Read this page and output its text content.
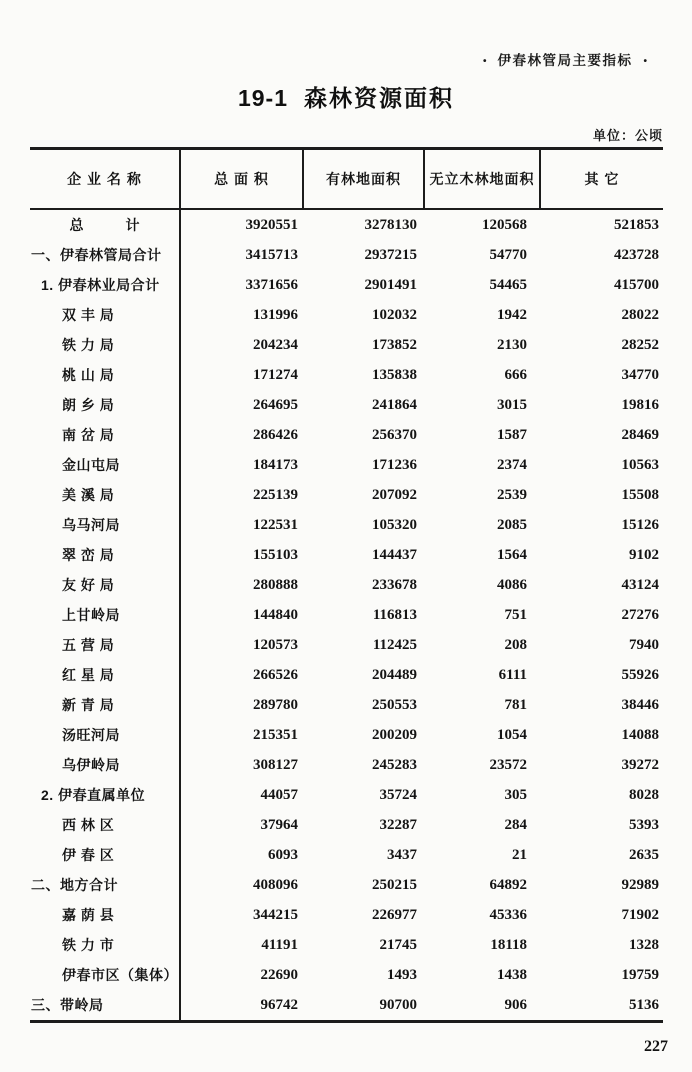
• 伊春林管局主要指标 •
19-1 森林资源面积
单位：公顷
企 业 名 称	总 面 积	有林地面积	无立木林地面积	其 它
总　　　计	3920551	3278130	120568	521853
一、伊春林管局合计	3415713	2937215	54770	423728
1. 伊春林业局合计	3371656	2901491	54465	415700
双 丰 局	131996	102032	1942	28022
铁 力 局	204234	173852	2130	28252
桃 山 局	171274	135838	666	34770
朗 乡 局	264695	241864	3015	19816
南 岔 局	286426	256370	1587	28469
金山屯局	184173	171236	2374	10563
美 溪 局	225139	207092	2539	15508
乌马河局	122531	105320	2085	15126
翠 峦 局	155103	144437	1564	9102
友 好 局	280888	233678	4086	43124
上甘岭局	144840	116813	751	27276
五 营 局	120573	112425	208	7940
红 星 局	266526	204489	6111	55926
新 青 局	289780	250553	781	38446
汤旺河局	215351	200209	1054	14088
乌伊岭局	308127	245283	23572	39272
2. 伊春直属单位	44057	35724	305	8028
西 林 区	37964	32287	284	5393
伊 春 区	6093	3437	21	2635
二、地方合计	408096	250215	64892	92989
嘉 荫 县	344215	226977	45336	71902
铁 力 市	41191	21745	18118	1328
伊春市区（集体）	22690	1493	1438	19759
三、带岭局	96742	90700	906	5136
227
